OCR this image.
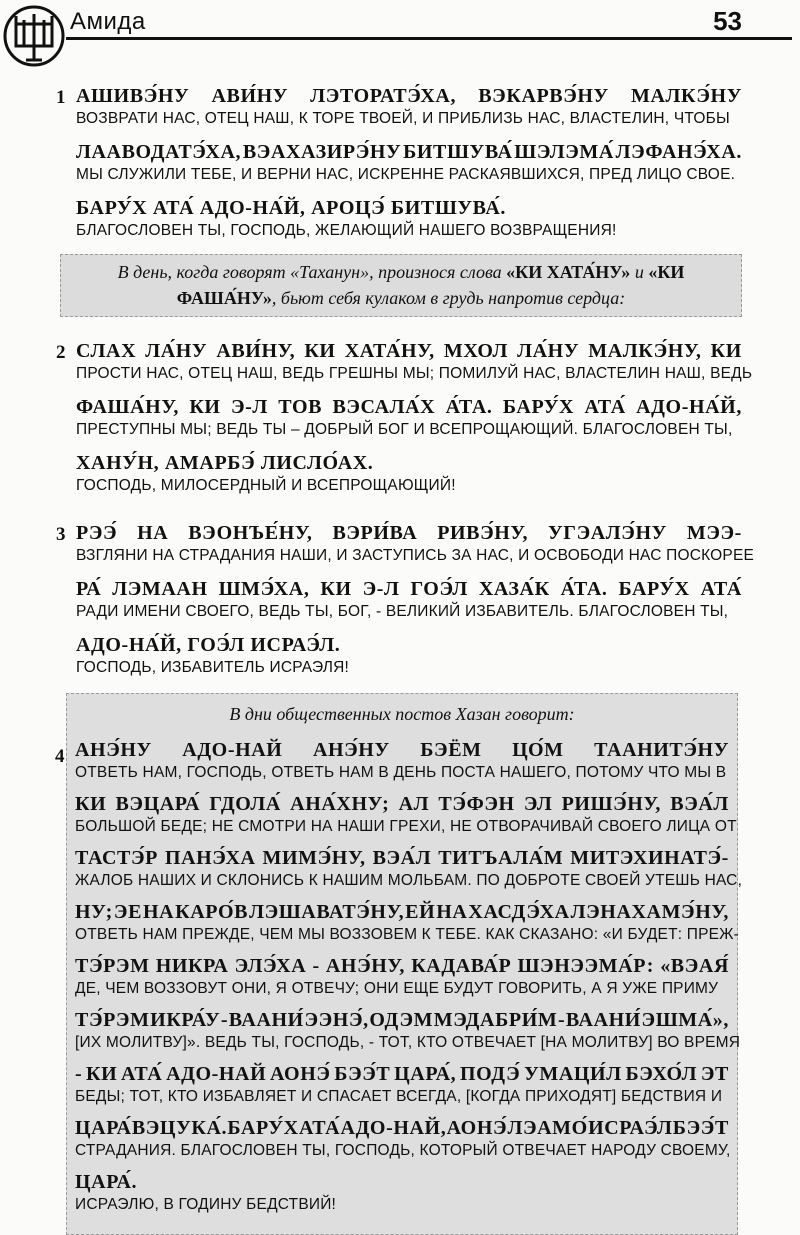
Амида	53
1 АШИВЭ́НУ АВИ́НУ ЛЭТОРАТЭ́ХА, ВЭКАРВЭ́НУ МАЛКЭ́НУ
ВОЗВРАТИ НАС, ОТЕЦ НАШ, К ТОРЕ ТВОЕЙ, И ПРИБЛИЗЬ НАС, ВЛАСТЕЛИН, ЧТОБЫ
ЛААВОДАТЭ́ХА, ВЭАХАЗИРЭ́НУ БИТШУВА́ ШЭЛЭМА́ ЛЭФАНЭ́ХА.
МЫ СЛУЖИЛИ ТЕБЕ, И ВЕРНИ НАС, ИСКРЕННЕ РАСКАЯВШИХСЯ, ПРЕД ЛИЦО СВОЕ.
БАРУ́Х АТА́ АДО-НА́Й, АРОЦЭ́ БИТШУВА́.
БЛАГОСЛОВЕН ТЫ, ГОСПОДЬ, ЖЕЛАЮЩИЙ НАШЕГО ВОЗВРАЩЕНИЯ!
В день, когда говорят «Таханун», произнося слова «КИ ХАТА́НУ» и «КИ ФАША́НУ», бьют себя кулаком в грудь напротив сердца:
2 СЛАХ ЛА́НУ АВИ́НУ, КИ ХАТА́НУ, МХОЛ ЛА́НУ МАЛКЭ́НУ, КИ
ПРОСТИ НАС, ОТЕЦ НАШ, ВЕДЬ ГРЕШНЫ МЫ; ПОМИЛУЙ НАС, ВЛАСТЕЛИН НАШ, ВЕДЬ
ФАША́НУ, КИ Э-Л ТОВ ВЭСАЛА́Х А́ТА. БАРУ́Х АТА́ АДО-НА́Й,
ПРЕСТУПНЫ МЫ; ВЕДЬ ТЫ – ДОБРЫЙ БОГ И ВСЕПРОЩАЮЩИЙ. БЛАГОСЛОВЕН ТЫ,
ХАНУ́Н, АМАРБЭ́ ЛИСЛО́АХ.
ГОСПОДЬ, МИЛОСЕРДНЫЙ И ВСЕПРОЩАЮЩИЙ!
3 РЭЭ́ НА ВЭОНЪЕ́НУ, ВЭРИ́ВА РИВЭ́НУ, УГЭАЛЭ́НУ МЭЭ-
ВЗГЛЯНИ НА СТРАДАНИЯ НАШИ, И ЗАСТУПИСЬ ЗА НАС, И ОСВОБОДИ НАС ПОСКОРЕЕ
РА́ ЛЭМААН ШМЭ́ХА, КИ Э-Л ГОЭ́Л ХАЗА́К А́ТА. БАРУ́Х АТА́
РАДИ ИМЕНИ СВОЕГО, ВЕДЬ ТЫ, БОГ, - ВЕЛИКИЙ ИЗБАВИТЕЛЬ. БЛАГОСЛОВЕН ТЫ,
АДО-НА́Й, ГОЭ́Л ИСРАЭ́Л.
ГОСПОДЬ, ИЗБАВИТЕЛЬ ИСРАЭЛЯ!
4
В дни общественных постов Хазан говорит:
АНЭ́НУ АДО-НАЙ АНЭ́НУ БЭЁМ ЦО́М ТААНИТЭ́НУ
ОТВЕТЬ НАМ, ГОСПОДЬ, ОТВЕТЬ НАМ В ДЕНЬ ПОСТА НАШЕГО, ПОТОМУ ЧТО МЫ В
КИ ВЭЦАРА́ ГДОЛА́ АНА́ХНУ; АЛ ТЭ́ФЭН ЭЛ РИШЭ́НУ, ВЭА́Л
БОЛЬШОЙ БЕДЕ; НЕ СМОТРИ НА НАШИ ГРЕХИ, НЕ ОТВОРАЧИВАЙ СВОЕГО ЛИЦА ОТ
ТАСТЭ́Р ПАНЭ́ХА МИМЭ́НУ, ВЭА́Л ТИТЪАЛА́М МИТЭХИНАТЭ́-
ЖАЛОБ НАШИХ И СКЛОНИСЬ К НАШИМ МОЛЬБАМ. ПО ДОБРОТЕ СВОЕЙ УТЕШЬ НАС,
НУ; ЭЕ НА КАРО́В ЛЭШАВАТЭ́НУ, ЕЙ НА ХАСДЭ́ХА ЛЭНАХАМЭ́НУ,
ОТВЕТЬ НАМ ПРЕЖДЕ, ЧЕМ МЫ ВОЗЗОВЕМ К ТЕБЕ. КАК СКАЗАНО: «И БУДЕТ: ПРЕЖ-
ТЭ́РЭМ НИКРА ЭЛЭ́ХА - АНЭ́НУ, КАДАВА́Р ШЭНЭЭМА́Р: «ВЭАЯ́
ДЕ, ЧЕМ ВОЗЗОВУТ ОНИ, Я ОТВЕЧУ; ОНИ ЕЩЕ БУДУТ ГОВОРИТЬ, А Я УЖЕ ПРИМУ
ТЭ́РЭМ ИКРА́У - ВААНИ́ ЭЭНЭ́, ОД ЭМ МЭДАБРИ́М - ВААНИ́ ЭШМА́»,
[ИХ МОЛИТВУ]». ВЕДЬ ТЫ, ГОСПОДЬ, - ТОТ, КТО ОТВЕЧАЕТ [НА МОЛИТВУ] ВО ВРЕМЯ
- КИ АТА́ АДО-НАЙ АОНЭ́ БЭЭ́Т ЦАРА́, ПОДЭ́ УМАЦИ́Л БЭХО́Л ЭТ
БЕДЫ; ТОТ, КТО ИЗБАВЛЯЕТ И СПАСАЕТ ВСЕГДА, [КОГДА ПРИХОДЯТ] БЕДСТВИЯ И
ЦАРА́ ВЭЦУКА́. БАРУ́Х АТА́ АДО-НАЙ, АОНЭ́ ЛЭАМО́ ИСРАЭ́Л БЭЭ́Т
СТРАДАНИЯ. БЛАГОСЛОВЕН ТЫ, ГОСПОДЬ, КОТОРЫЙ ОТВЕЧАЕТ НАРОДУ СВОЕМУ,
ЦАРА́.
ИСРАЭЛЮ, В ГОДИНУ БЕДСТВИЙ!
